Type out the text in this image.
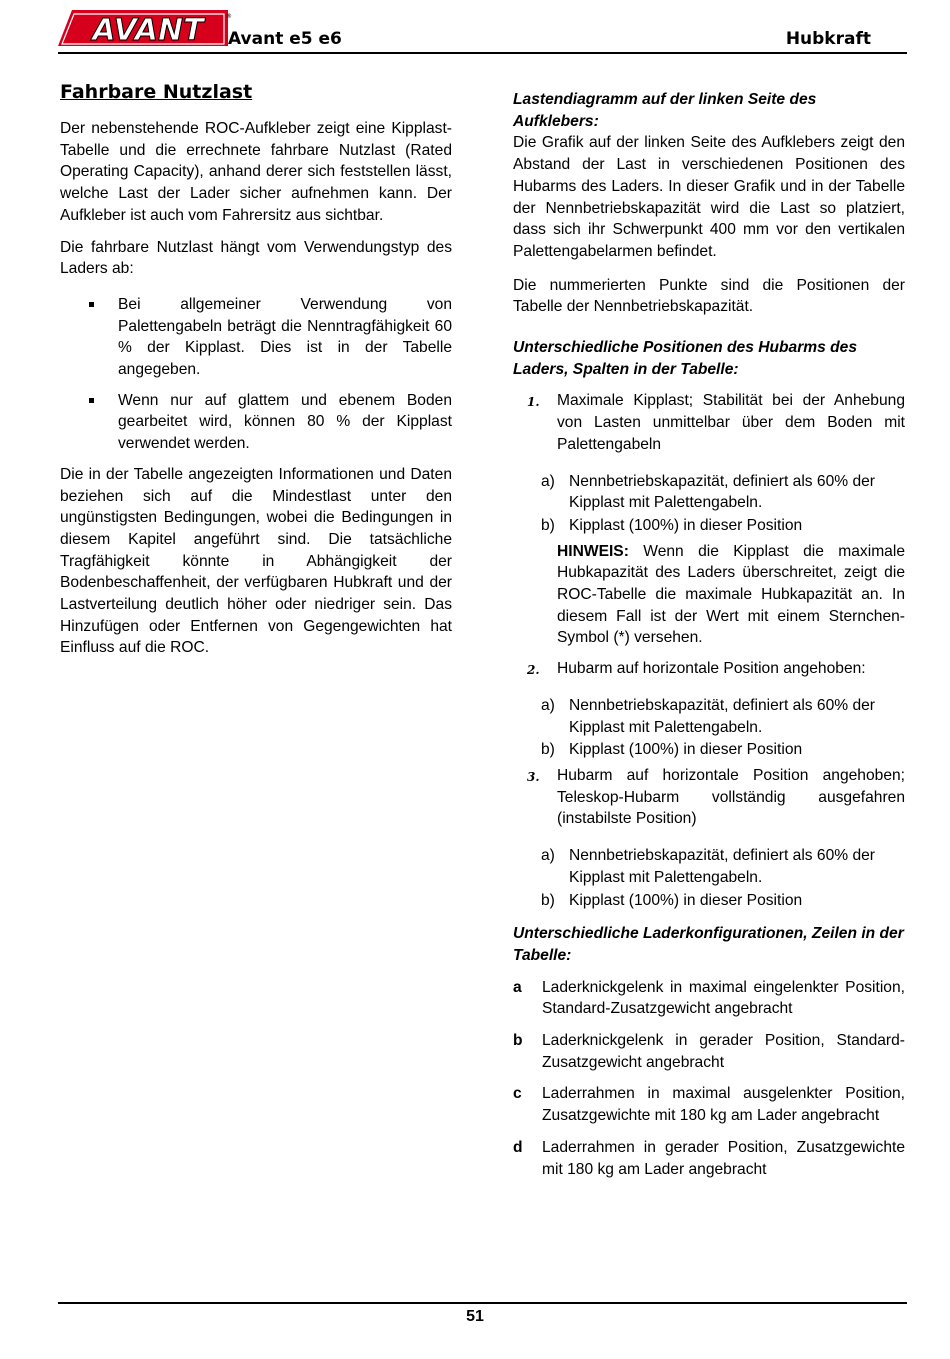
AVANT	®
Avant e5 e6	Hubkraft
Fahrbare Nutzlast

Der nebenstehende ROC-Aufkleber zeigt eine Kipplast-Tabelle und die errechnete fahrbare Nutzlast (Rated Operating Capacity), anhand derer sich feststellen lässt, welche Last der Lader sicher aufnehmen kann. Der Aufkleber ist auch vom Fahrersitz aus sichtbar.

Die fahrbare Nutzlast hängt vom Verwendungstyp des Laders ab:

Bei allgemeiner Verwendung von Palettengabeln beträgt die Nenntragfähigkeit 60 % der Kipplast. Dies ist in der Tabelle angegeben.
Wenn nur auf glattem und ebenem Boden gearbeitet wird, können 80 % der Kipplast verwendet werden.

Die in der Tabelle angezeigten Informationen und Daten beziehen sich auf die Mindestlast unter den ungünstigsten Bedingungen, wobei die Bedingungen in diesem Kapitel angeführt sind. Die tatsächliche Tragfähigkeit könnte in Abhängigkeit der Bodenbeschaffenheit, der verfügbaren Hubkraft und der Lastverteilung deutlich höher oder niedriger sein. Das Hinzufügen oder Entfernen von Gegengewichten hat Einfluss auf die ROC.

Lastendiagramm auf der linken Seite des Aufklebers:

Die Grafik auf der linken Seite des Aufklebers zeigt den Abstand der Last in verschiedenen Positionen des Hubarms des Laders. In dieser Grafik und in der Tabelle der Nennbetriebskapazität wird die Last so platziert, dass sich ihr Schwerpunkt 400 mm vor den vertikalen Palettengabelarmen befindet.

Die nummerierten Punkte sind die Positionen der Tabelle der Nennbetriebskapazität.

Unterschiedliche Positionen des Hubarms des Laders, Spalten in der Tabelle:

1. Maximale Kipplast; Stabilität bei der Anhebung von Lasten unmittelbar über dem Boden mit Palettengabeln
a) Nennbetriebskapazität, definiert als 60% der Kipplast mit Palettengabeln.
b) Kipplast (100%) in dieser Position

HINWEIS: Wenn die Kipplast die maximale Hubkapazität des Laders überschreitet, zeigt die ROC-Tabelle die maximale Hubkapazität an. In diesem Fall ist der Wert mit einem Sternchen-Symbol (*) versehen.

2. Hubarm auf horizontale Position angehoben:
a) Nennbetriebskapazität, definiert als 60% der Kipplast mit Palettengabeln.
b) Kipplast (100%) in dieser Position
3. Hubarm auf horizontale Position angehoben; Teleskop-Hubarm vollständig ausgefahren (instabilste Position)
a) Nennbetriebskapazität, definiert als 60% der Kipplast mit Palettengabeln.
b) Kipplast (100%) in dieser Position

Unterschiedliche Laderkonfigurationen, Zeilen in der Tabelle:

a Laderknickgelenk in maximal eingelenkter Position, Standard-Zusatzgewicht angebracht
b Laderknickgelenk in gerader Position, Standard-Zusatzgewicht angebracht
c Laderrahmen in maximal ausgelenkter Position, Zusatzgewichte mit 180 kg am Lader angebracht
d Laderrahmen in gerader Position, Zusatzgewichte mit 180 kg am Lader angebracht
51
